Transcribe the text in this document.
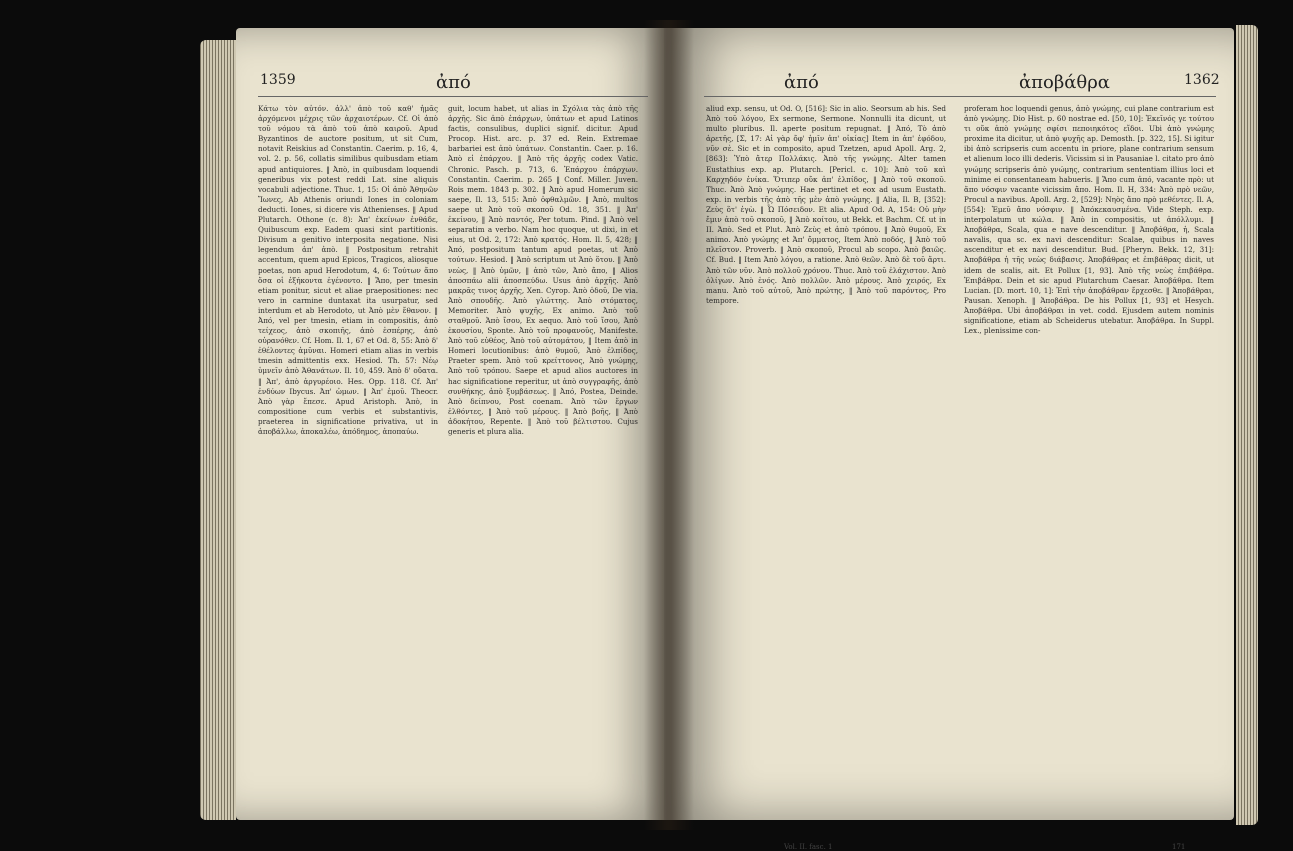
1359	ἀπό
Κάτω τὸν αὐτόν. ἀλλ' ἀπὸ τοῦ καθ' ἡμᾶς ἀρχόμενοι μέχρις τῶν ἀρχαιοτέρων. Cf. Oἱ ἀπὸ τοῦ νόμου τὰ ἀπὸ τοῦ ἀπὸ καιροῦ. Apud Byzantinos de auctore positum, ut sit Cum, notavit Reiskius ad Constantin. Caerim. p. 16, 4, vol. 2. p. 56, collatis similibus quibusdam etiam apud antiquiores. ‖ Ἀπὸ, in quibusdam loquendi generibus vix potest reddi Lat. sine aliquis vocabuli adjectione. Thuc. 1, 15: Oἱ ἀπὸ Ἀθηνῶν Ἴωνες, Ab Athenis oriundi Iones in coloniam deducti. Iones, si dicere vis Athenienses. ‖ Apud Plutarch. Othone (c. 8): Ἀπ' ἐκείνων ἐνθάδε, Quibuscum exp. Eadem quasi sint partitionis. Divisum a genitivo interposita negatione. Nisi legendum ἀπ' ἀπὸ. ‖ Postpositum retrahit accentum, quem apud Epicos, Tragicos, aliosque poetas, non apud Herodotum, 4, 6: Τούτων ἄπο ὅσα οἱ ἐξήκοντα ἐγένοντο. ‖ Ἄπο, per tmesin etiam ponitur, sicut et aliae praepositiones: nec vero in carmine duntaxat ita usurpatur, sed interdum et ab Herodoto, ut Ἀπὸ μὲν ἔθανον. ‖ Ἀπό, vel per tmesin, etiam in compositis, ἀπὸ τείχεος, ἀπὸ σκοπιῆς, ἀπὸ ἑσπέρης, ἀπὸ οὐρανόθεν. Cf. Hom. Il. 1, 67 et Od. 8, 55: Ἀπὸ δ' ἐθέλοντες ἀμῦναι. Homeri etiam alias in verbis tmesin admittentis exx. Hesiod. Th. 57: Νέῳ ὑμνεῖν ἀπὸ Ἀθανάτων. Il. 10, 459. Ἀπὸ δ' οὔατα. ‖ Ἀπ', ἀπὸ ἀργυρέοιο. Hes. Opp. 118. Cf. Ἀπ' ἐνδύων Ibycus. Ἀπ' ὠμων. ‖ Ἀπ' ἐμοῦ. Theocr. Ἀπὸ γὰρ ἔπεσε. Apud Aristoph. Ἀπὸ, in compositione cum verbis et substantivis, praeterea in significatione privativa, ut in ἀποβάλλω, ἀποκαλέω, ἀπόδημος, ἀποπαύω.
guit, locum habet, ut alias in Σχόλια τὰς ἀπὸ τῆς ἀρχῆς. Sic ἀπὸ ἐπάρχων, ὑπάτων et apud Latinos factis, consulibus, duplici signif. dicitur. Apud Procop. Hist. arc. p. 37 ed. Rein. Extremae barbariei est ἀπὸ ὑπάτων. Constantin. Caer. p. 16. Ἀπὸ εἰ ἐπάρχου. ‖ Ἀπὸ τῆς ἀρχῆς codex Vatic. Chronic. Pasch. p. 713, 6. Ἐπάρχου ἐπάρχων. Constantin. Caerim. p. 265 ‖ Conf. Miller. Juven. Rois mem. 1843 p. 302. ‖ Ἀπὸ apud Homerum sic saepe, Il. 13, 515: Ἀπὸ ὀφθαλμῶν. ‖ Ἀπὸ, multos saepe ut Ἀπὸ τοῦ σκοποῦ Od. 18, 351. ‖ Ἀπ' ἐκείνου, ‖ Ἀπὸ παντός, Per totum. Pind. ‖ Ἀπὸ vel separatim a verbo. Nam hoc quoque, ut dixi, in et eius, ut Od. 2, 172: Ἀπὸ κρατός. Hom. Il. 5, 428; ‖ Ἀπό, postpositum tantum apud poetas, ut Ἀπὸ τούτων. Hesiod. ‖ Ἀπὸ scriptum ut Ἀπὸ ὅτου. ‖ Ἀπὸ νεὼς, ‖ Ἀπὸ ὑμῶν, ‖ ἀπὸ τῶν, Ἀπὸ ἄπο, ‖ Alios ἀποσπάω alii ἀποσπεύδω. Usus ἀπὸ ἀρχῆς. Ἀπὸ μακρᾶς τινος ἀρχῆς, Xen. Cyrop. Ἀπὸ ὁδοῦ, De via. Ἀπὸ σπουδῆς. Ἀπὸ γλώττης. Ἀπὸ στόματος, Memoriter. Ἀπὸ ψυχῆς, Ex animo. Ἀπὸ τοῦ σταθμοῦ. Ἀπὸ ἴσου, Ex aequo. Ἀπὸ τοῦ ἴσου, Ἀπὸ ἑκουσίου, Sponte. Ἀπὸ τοῦ προφανοῦς, Manifeste. Ἀπὸ τοῦ εὐθέος, Ἀπὸ τοῦ αὐτομάτου, ‖ Item ἀπὸ in Homeri locutionibus: ἀπὸ θυμοῦ, Ἀπὸ ἐλπίδος, Praeter spem. Ἀπὸ τοῦ κρείττονος, Ἀπὸ γνώμης, Ἀπὸ τοῦ τρόπου. Saepe et apud alios auctores in hac significatione reperitur, ut ἀπὸ συγγραφῆς, ἀπὸ συνθήκης, ἀπὸ ξυμβάσεως. ‖ Ἀπό, Postea, Deinde. Ἀπὸ δείπνου, Post coenam. Ἀπὸ τῶν ἔργων ἐλθόντες, ‖ Ἀπὸ τοῦ μέρους. ‖ Ἀπὸ βοῆς, ‖ Ἀπὸ ἀδοκήτου, Repente. ‖ Ἀπὸ τοῦ βέλτιστου. Cujus generis et plura alia.
ἀπό	ἀποβάθρα	1362
aliud exp. sensu, ut Od. O, [516]: Sic in alio. Seorsum ab his. Sed Ἀπὸ τοῦ λόγου, Ex sermone, Sermone. Nonnulli ita dicunt, ut multo pluribus. Il. aperte positum repugnat. ‖ Ἀπό, Τὸ ἀπὸ ἀρετῆς, [Σ, 17: Αἱ γὰρ ὄφ' ἡμῖν ἀπ' οἰκίας] Item in ἀπ' ἐφόδου, νῦν σὲ. Sic et in composito, apud Tzetzen, apud Apoll. Arg. 2, [863]: Ὑπὸ ἄτερ Πολλάκις. Ἀπὸ τῆς γνώμης. Alter tamen Eustathius exp. ap. Plutarch. [Pericl. c. 10]: Ἀπὸ τοῦ καὶ Καρχηδόν ἐνίκα. Ὅτιπερ οὔκ ἀπ' ἐλπίδος, ‖ Ἀπὸ τοῦ σκοποῦ. Thuc. Ἀπὸ Ἀπὸ γνώμης. Hae pertinet et eox ad usum Eustath. exp. in verbis τῆς ἀπὸ τῆς μὲν ἀπὸ γνώμης. ‖ Alia, Il. B, [352]: Ζεὺς ὅτ' ἐγὼ. ‖ Ὦ Πόσειδον. Et alia. Apud Od. A, 154: Oὐ μὴν ἔμιν ἀπὸ τοῦ σκοποῦ, ‖ Ἀπὸ κοίτου, ut Bekk. et Bachm. Cf. ut in II. Ἀπὸ. Sed et Plut. Ἀπὸ Ζεὺς et ἀπὸ τρόπου. ‖ Ἀπὸ θυμοῦ, Ex animo. Ἀπὸ γνώμης et Ἀπ' ὄμματος, Item Ἀπὸ ποδός, ‖ Ἀπὸ τοῦ πλεῖστον. Proverb. ‖ Ἀπὸ σκοποῦ, Procul ab scopo. Ἀπὸ βαιῶς. Cf. Bud. ‖ Item Ἀπὸ λόγου, a ratione. Ἀπὸ θεῶν. Ἀπὸ δὲ τοῦ ἄρτι. Ἀπὸ τῶν νῦν. Ἀπὸ πολλοῦ χρόνου. Thuc. Ἀπὸ τοῦ ἐλάχιστον. Ἀπὸ ὀλίγων. Ἀπὸ ἑνός. Ἀπὸ πολλῶν. Ἀπὸ μέρους. Ἀπὸ χειρός, Ex manu. Ἀπὸ τοῦ αὐτοῦ, Ἀπὸ πρώτης, ‖ Ἀπὸ τοῦ παρόντος, Pro tempore.
proferam hoc loquendi genus, ἀπὸ γνώμης, cui plane contrarium est ἀπὸ γνώμης. Dio Hist. p. 60 nostrae ed. [50, 10]: Ἐκεῖνός γε τούτου τι οὔκ ἀπὸ γνώμης σφίσι πεποιηκότος εἴδοι. Ubi ἀπὸ γνώμης proxime ita dicitur, ut ἀπὸ ψυχῆς ap. Demosth. [p. 322, 15]. Si igitur ibi ἀπὸ scripseris cum accentu in priore, plane contrarium sensum et alienum loco illi dederis. Vicissim si in Pausaniae l. citato pro ἀπὸ γνώμης scripseris ἀπὸ γνώμης, contrarium sententiam illius loci et minime ei consentaneam habueris. ‖ Ἄπο cum ἀπό, vacante πρὸ: ut ἄπο νόσφιν vacante vicissim ἄπο. Hom. Il. H, 334: Ἀπὸ πρὸ νεῶν, Procul a navibus. Apoll. Arg. 2, [529]: Νηὸς ἄπο πρὸ μεθέντες. Il. A, [554]: Ἐμεῦ ἄπο νόσφιν. ‖ Ἀπόκεκαυσμένα. Vide Steph. exp. interpolatum ut κώλα. ‖ Ἀπὸ in compositis, ut ἀπόλλυμι. ‖ Ἀποβάθρα, Scala, qua e nave descenditur. ‖ Ἀποβάθρα, ἡ, Scala navalis, qua sc. ex navi descenditur: Scalae, quibus in naves ascenditur et ex navi descenditur. Bud. [Pheryn. Bekk. 12, 31]: Ἀποβάθρα ἡ τῆς νεὼς διάβασις. Ἀποβάθρας et ἐπιβάθρας dicit, ut idem de scalis, ait. Et Pollux [1, 93]. Ἀπὸ τῆς νεὼς ἐπιβάθρα. Ἐπιβάθρα. Dein et sic apud Plutarchum Caesar. Ἀποβάθρα. Item Lucian. [D. mort. 10, 1]: Ἐπὶ τὴν ἀποβάθραν ἔρχεσθε. ‖ Ἀποβάθραι, Pausan. Xenoph. ‖ Ἀποβάθρα. De his Pollux [1, 93] et Hesych. Ἀποβάθρα. Ubi ἀποβάθραι in vet. codd. Ejusdem autem nominis significatione, etiam ab Scheiderus utebatur. Ἀποβάθρα. In Suppl. Lex., plenissime con-
Vol. II. fasc. 1	171
